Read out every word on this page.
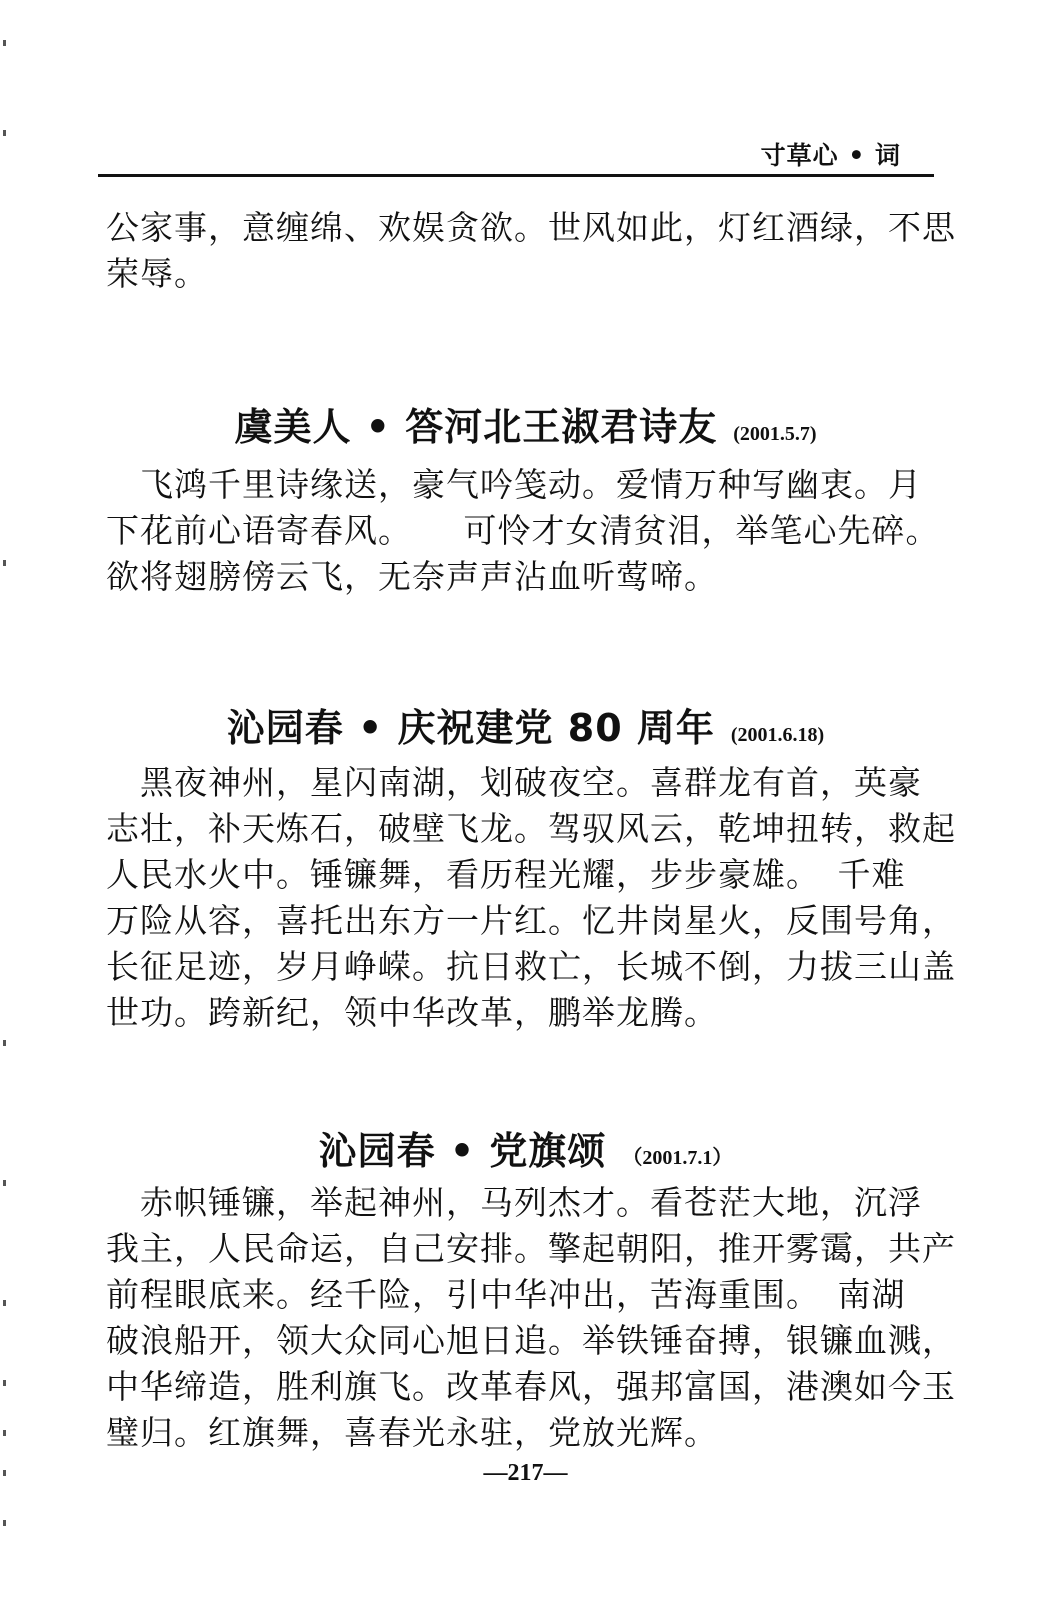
寸草心 • 词
公家事，意缠绵、欢娱贪欲。世风如此，灯红酒绿，不思
荣辱。
虞美人 • 答河北王淑君诗友 (2001.5.7)
　飞鸿千里诗缘送，豪气吟笺动。爱情万种写幽衷。月
下花前心语寄春风。　　可怜才女清贫泪，举笔心先碎。
欲将翅膀傍云飞，无奈声声沾血听莺啼。
沁园春 • 庆祝建党 80 周年 (2001.6.18)
　黑夜神州，星闪南湖，划破夜空。喜群龙有首，英豪
志壮，补天炼石，破壁飞龙。驾驭风云，乾坤扭转，救起
人民水火中。锤镰舞，看历程光耀，步步豪雄。　千难
万险从容，喜托出东方一片红。忆井岗星火，反围号角，
长征足迹，岁月峥嵘。抗日救亡，长城不倒，力拔三山盖
世功。跨新纪，领中华改革，鹏举龙腾。
沁园春 • 党旗颂 （2001.7.1）
　赤帜锤镰，举起神州，马列杰才。看苍茫大地，沉浮
我主，人民命运，自己安排。擎起朝阳，推开雾霭，共产
前程眼底来。经千险，引中华冲出，苦海重围。　南湖
破浪船开，领大众同心旭日追。举铁锤奋搏，银镰血溅，
中华缔造，胜利旗飞。改革春风，强邦富国，港澳如今玉
璧归。红旗舞，喜春光永驻，党放光辉。
—217—
